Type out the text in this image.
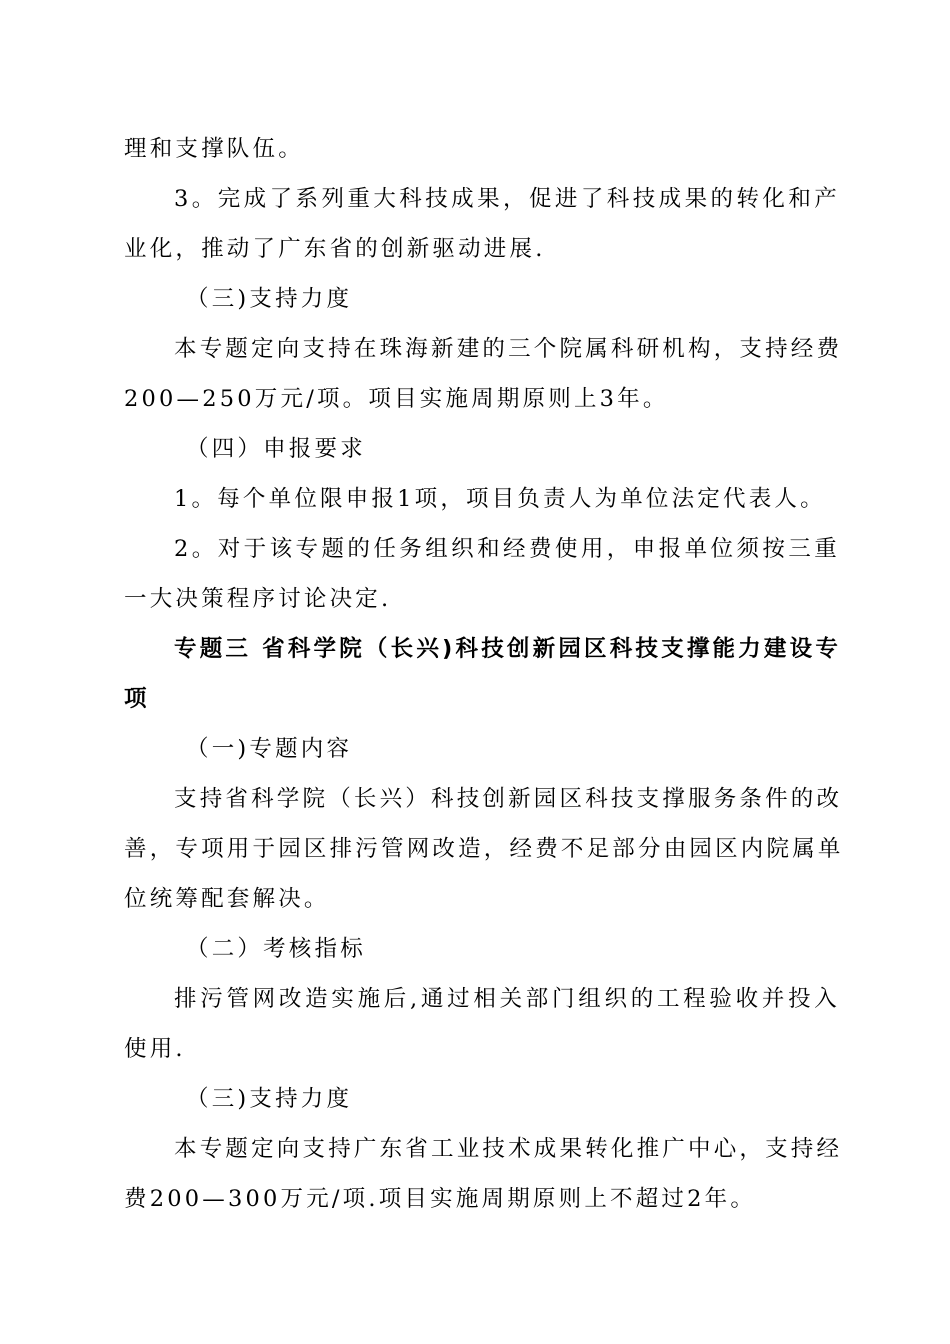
理和支撑队伍。
3。完成了系列重大科技成果，促进了科技成果的转化和产
业化，推动了广东省的创新驱动进展.
（三)支持力度
本专题定向支持在珠海新建的三个院属科研机构，支持经费
200—250万元/项。项目实施周期原则上3年。
（四）申报要求
1。每个单位限申报1项，项目负责人为单位法定代表人。
2。对于该专题的任务组织和经费使用，申报单位须按三重
一大决策程序讨论决定.
专题三 省科学院（长兴)科技创新园区科技支撑能力建设专
项
（一)专题内容
支持省科学院（长兴）科技创新园区科技支撑服务条件的改
善，专项用于园区排污管网改造，经费不足部分由园区内院属单
位统筹配套解决。
（二）考核指标
排污管网改造实施后,通过相关部门组织的工程验收并投入
使用.
（三)支持力度
本专题定向支持广东省工业技术成果转化推广中心，支持经
费200—300万元/项.项目实施周期原则上不超过2年。
